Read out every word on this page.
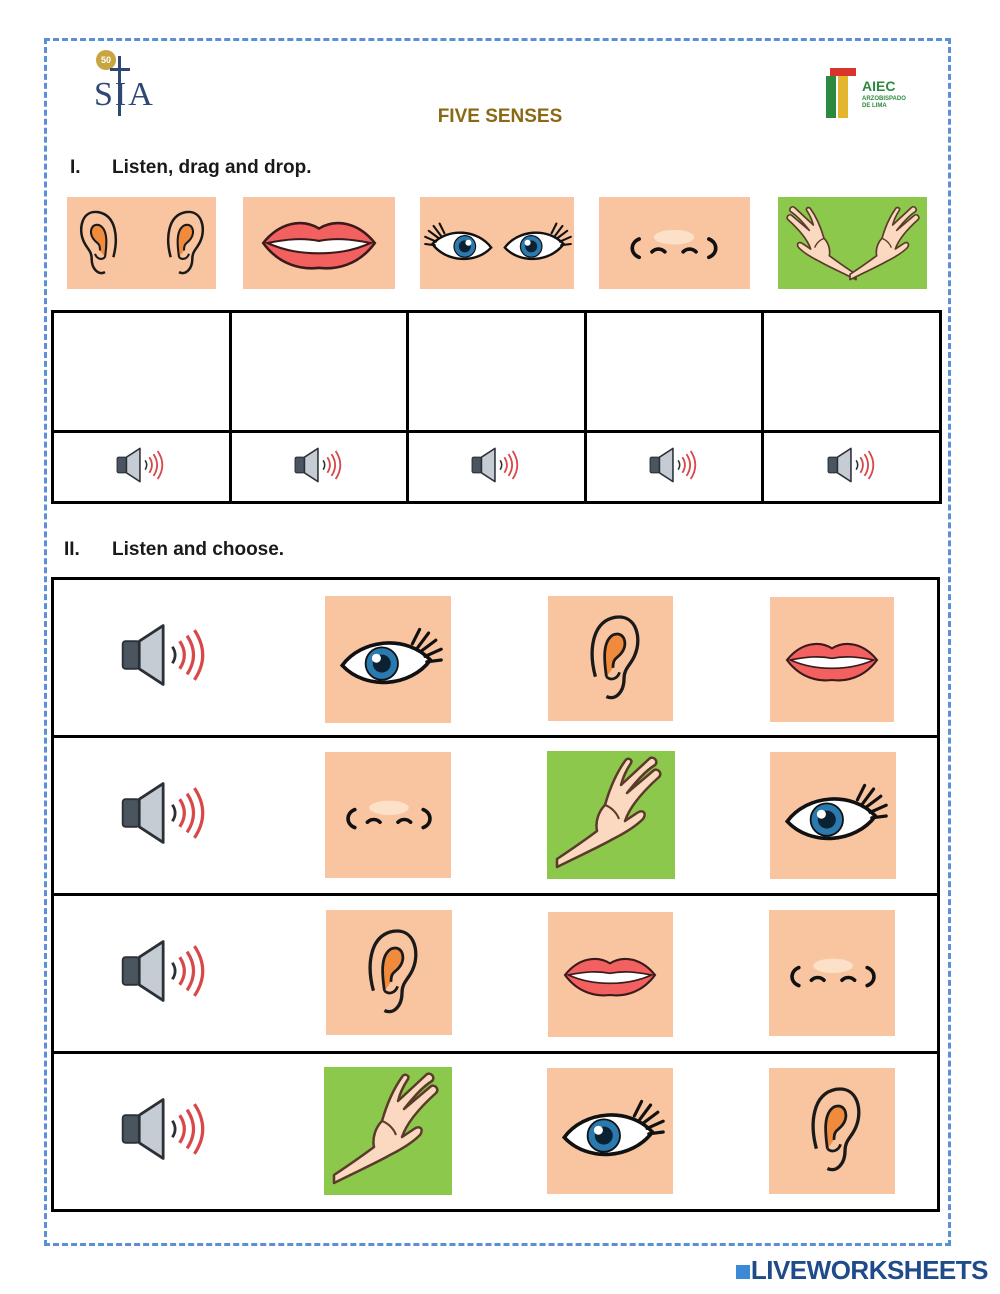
50
SIA	AIEC
ARZOBISPADO DE LIMA
FIVE SENSES
I. Listen, drag and drop.

II. Listen and choose.

LIVEWORKSHEETS
